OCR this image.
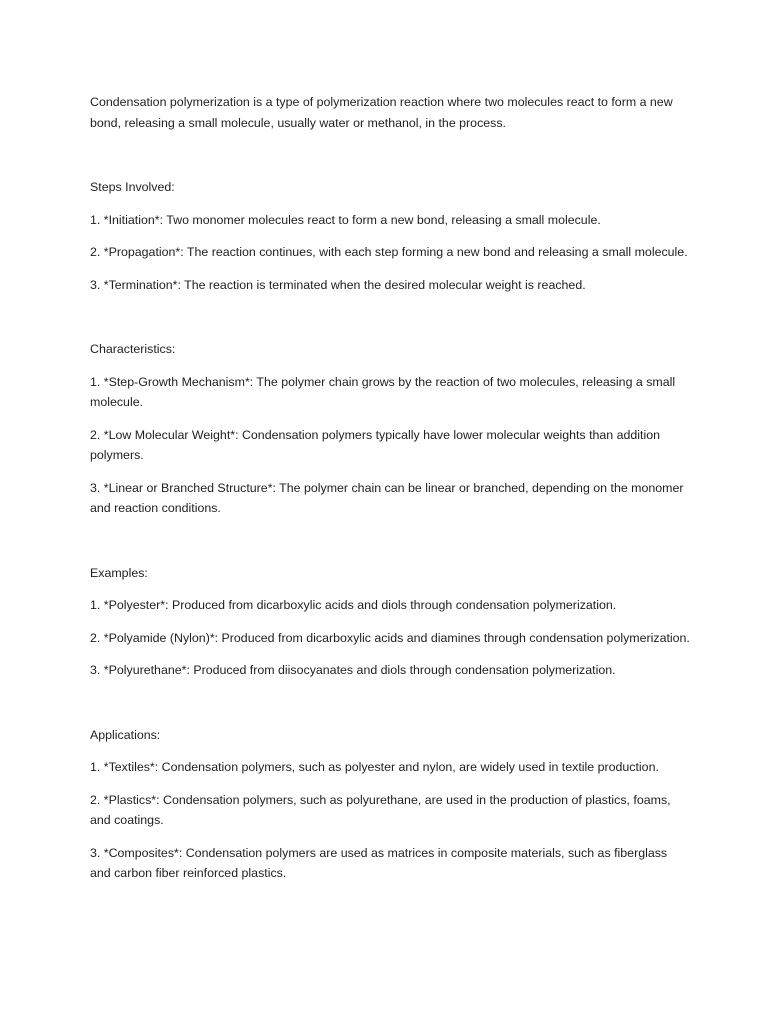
Condensation polymerization is a type of polymerization reaction where two molecules react to form a new bond, releasing a small molecule, usually water or methanol, in the process.

Steps Involved:

1. *Initiation*: Two monomer molecules react to form a new bond, releasing a small molecule.

2. *Propagation*: The reaction continues, with each step forming a new bond and releasing a small molecule.

3. *Termination*: The reaction is terminated when the desired molecular weight is reached.

Characteristics:

1. *Step-Growth Mechanism*: The polymer chain grows by the reaction of two molecules, releasing a small molecule.

2. *Low Molecular Weight*: Condensation polymers typically have lower molecular weights than addition polymers.

3. *Linear or Branched Structure*: The polymer chain can be linear or branched, depending on the monomer and reaction conditions.

Examples:

1. *Polyester*: Produced from dicarboxylic acids and diols through condensation polymerization.

2. *Polyamide (Nylon)*: Produced from dicarboxylic acids and diamines through condensation polymerization.

3. *Polyurethane*: Produced from diisocyanates and diols through condensation polymerization.

Applications:

1. *Textiles*: Condensation polymers, such as polyester and nylon, are widely used in textile production.

2. *Plastics*: Condensation polymers, such as polyurethane, are used in the production of plastics, foams, and coatings.

3. *Composites*: Condensation polymers are used as matrices in composite materials, such as fiberglass and carbon fiber reinforced plastics.
